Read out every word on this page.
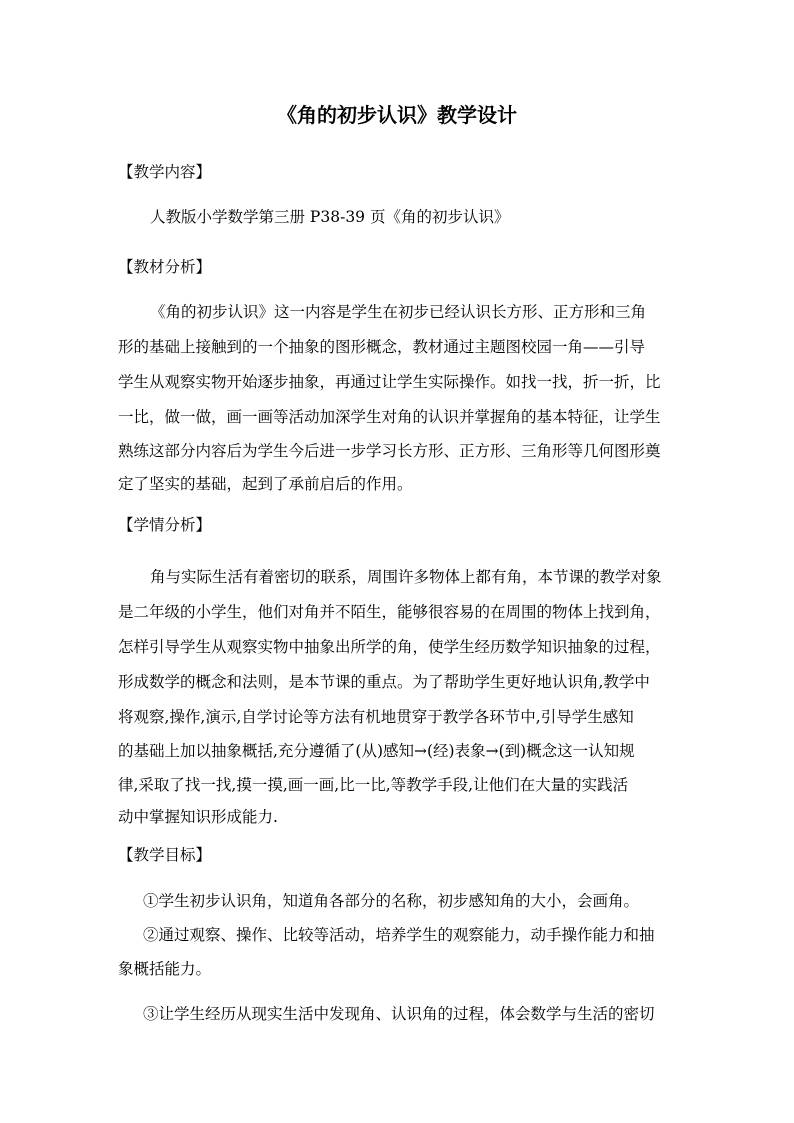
《角的初步认识》教学设计
【教学内容】
人教版小学数学第三册 P38-39 页《角的初步认识》
【教材分析】
《角的初步认识》这一内容是学生在初步已经认识长方形、正方形和三角
形的基础上接触到的一个抽象的图形概念，教材通过主题图校园一角——引导
学生从观察实物开始逐步抽象，再通过让学生实际操作。如找一找，折一折，比
一比，做一做，画一画等活动加深学生对角的认识并掌握角的基本特征，让学生
熟练这部分内容后为学生今后进一步学习长方形、正方形、三角形等几何图形奠
定了坚实的基础，起到了承前启后的作用。
【学情分析】
角与实际生活有着密切的联系，周围许多物体上都有角，本节课的教学对象
是二年级的小学生，他们对角并不陌生，能够很容易的在周围的物体上找到角，
怎样引导学生从观察实物中抽象出所学的角，使学生经历数学知识抽象的过程，
形成数学的概念和法则，是本节课的重点。为了帮助学生更好地认识角,教学中
将观察,操作,演示,自学讨论等方法有机地贯穿于教学各环节中,引导学生感知
的基础上加以抽象概括,充分遵循了(从)感知→(经)表象→(到)概念这一认知规
律,采取了找一找,摸一摸,画一画,比一比,等教学手段,让他们在大量的实践活
动中掌握知识形成能力.
【教学目标】
①学生初步认识角，知道角各部分的名称，初步感知角的大小，会画角。
②通过观察、操作、比较等活动，培养学生的观察能力，动手操作能力和抽
象概括能力。
③让学生经历从现实生活中发现角、认识角的过程，体会数学与生活的密切
